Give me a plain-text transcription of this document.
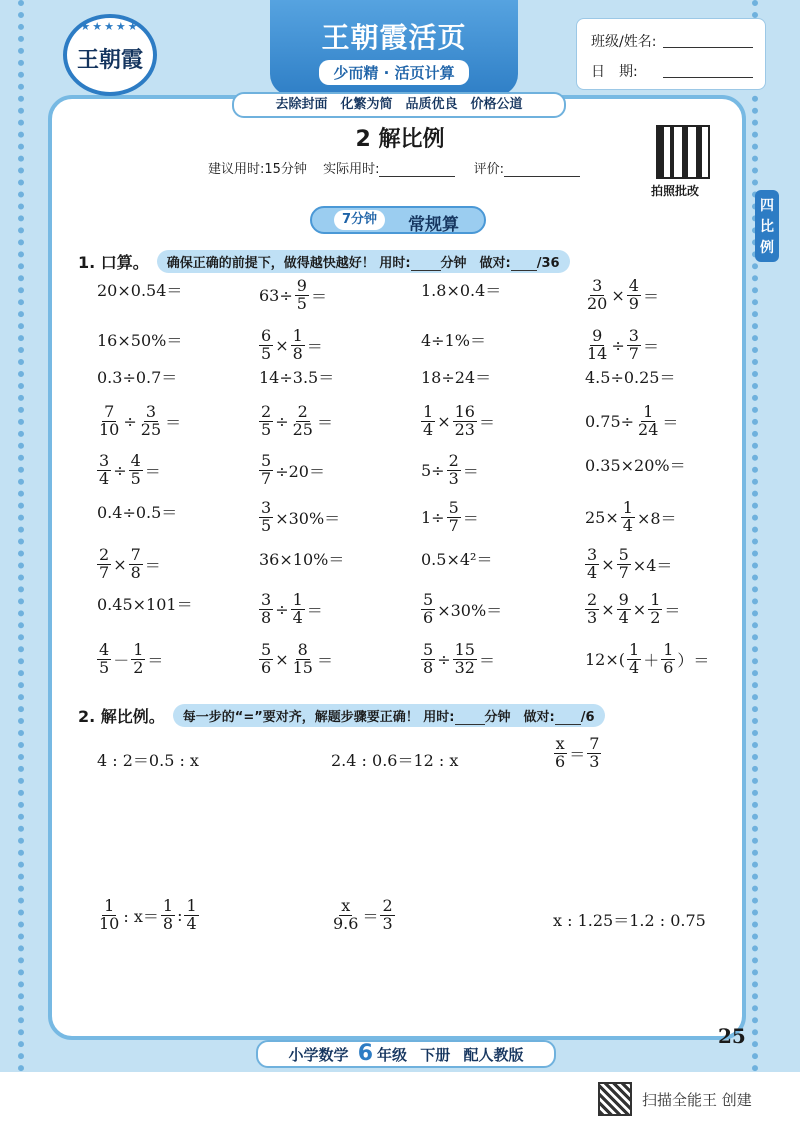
★★★★★
王朝霞
王朝霞活页
少而精 · 活页计算
班级/姓名:
日　期:
去除封面　化繁为简　品质优良　价格公道
四比例
2 解比例
建议用时:15分钟 实际用时:	评价:
拍照批改
7分钟	常规算
1. 口算。	确保正确的前提下，做得越快越好！ 用时: 分钟　做对: /36
20×0.54＝	$63\div \frac{9}{5}$ ＝	1.8×0.4＝	$\frac{3}{20} \times \frac{4}{9}$ ＝
16×50%＝	$\frac{6}{5} \times \frac{1}{8}$ ＝	4÷1%＝	$\frac{9}{14} \div \frac{3}{7}$ ＝
0.3÷0.7＝	14÷3.5＝	18÷24＝	4.5÷0.25＝
$\frac{7}{10} \div \frac{3}{25}$ ＝	$\frac{2}{5} \div \frac{2}{25}$ ＝	$\frac{1}{4} \times \frac{16}{23}$ ＝	$0.75\div \frac{1}{24}$ ＝
$\frac{3}{4} \div \frac{4}{5}$ ＝	$\frac{5}{7} \div 20=$	$5\div \frac{2}{3}$ ＝	0.35×20%＝
0.4÷0.5＝	$\frac{3}{5} \times 30\%=$	$1\div \frac{5}{7}$ ＝	$25\times \frac{1}{4} \times 8=$
$\frac{2}{7} \times \frac{7}{8}$ ＝	36×10%＝	0.5×4²＝	$\frac{3}{4} \times \frac{5}{7} \times 4=$
0.45×101＝	$\frac{3}{8} \div \frac{1}{4}$ ＝	$\frac{5}{6} \times 30\%=$	$\frac{2}{3} \times \frac{9}{4} \times \frac{1}{2}$ ＝
$\frac{4}{5} - \frac{1}{2}$ ＝	$\frac{5}{6} \times \frac{8}{15}$ ＝	$\frac{5}{8} \div \frac{15}{32}$ ＝	$12\times( \frac{1}{4} + \frac{1}{6}$ ）＝
2. 解比例。	每一步的“=”要对齐，解题步骤要正确！ 用时: 分钟　做对: /6
4 : 2＝0.5 : x	2.4 : 0.6＝12 : x	$\frac{x}{6} = \frac{7}{3}$
$\frac{1}{10}$ : $x= \frac{1}{8}$ : $\frac{1}{4}$	$\frac{x}{9.6} = \frac{2}{3}$	x : 1.25＝1.2 : 0.75
小学数学 6 年级 下册 配人教版
25
扫描全能王 创建
